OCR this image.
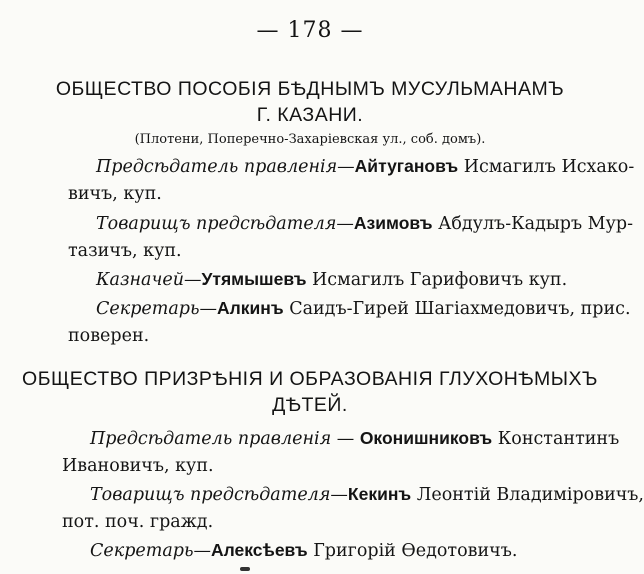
— 178 —
ОБЩЕСТВО ПОСОБІЯ БѢДНЫМЪ МУСУЛЬМАНАМЪ
Г. КАЗАНИ.
(Плотени, Поперечно-Захаріевская ул., соб. домъ).
Предсѣдатель правленія—Айтугановъ Исмагилъ Исхако-
вичъ, куп.
Товарищъ предсѣдателя—Азимовъ Абдулъ-Кадыръ Мур-
тазичъ, куп.
Казначей—Утямышевъ Исмагилъ Гарифовичъ куп.
Секретарь—Алкинъ Саидъ-Гирей Шагіахмедовичъ, прис.
поверен.
ОБЩЕСТВО ПРИЗРѢНІЯ И ОБРАЗОВАНІЯ ГЛУХОНѢМЫХЪ
ДѢТЕЙ.
Предсѣдатель правленія — Оконишниковъ Константинъ
Ивановичъ, куп.
Товарищъ предсѣдателя—Кекинъ Леонтій Владиміровичъ,
пот. поч. гражд.
Секретарь—Алексѣевъ Григорій Ѳедотовичъ.
